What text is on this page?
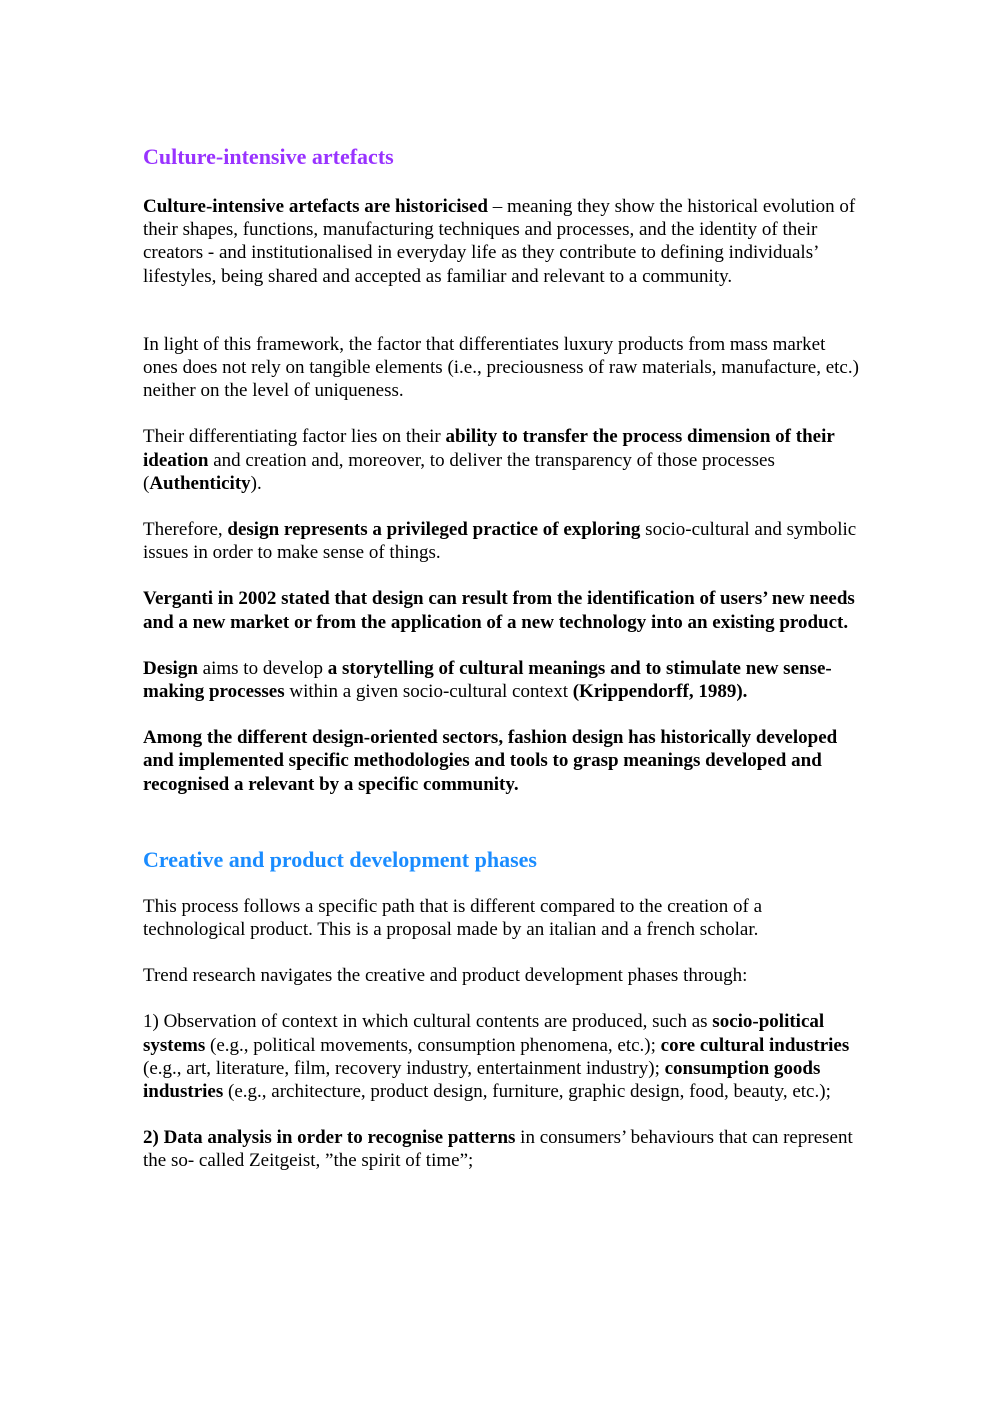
Culture-intensive artefacts

Culture-intensive artefacts are historicised – meaning they show the historical evolution of their shapes, functions, manufacturing techniques and processes, and the identity of their creators - and institutionalised in everyday life as they contribute to defining individuals’ lifestyles, being shared and accepted as familiar and relevant to a community.

In light of this framework, the factor that differentiates luxury products from mass market ones does not rely on tangible elements (i.e., preciousness of raw materials, manufacture, etc.) neither on the level of uniqueness.

Their differentiating factor lies on their ability to transfer the process dimension of their ideation and creation and, moreover, to deliver the transparency of those processes (Authenticity).

Therefore, design represents a privileged practice of exploring socio-cultural and symbolic issues in order to make sense of things.

Verganti in 2002 stated that design can result from the identification of users’ new needs and a new market or from the application of a new technology into an existing product.

Design aims to develop a storytelling of cultural meanings and to stimulate new sense-making processes within a given socio-cultural context (Krippendorff, 1989).

Among the different design-oriented sectors, fashion design has historically developed and implemented specific methodologies and tools to grasp meanings developed and recognised a relevant by a specific community.

Creative and product development phases

This process follows a specific path that is different compared to the creation of a technological product. This is a proposal made by an italian and a french scholar.

Trend research navigates the creative and product development phases through:

1) Observation of context in which cultural contents are produced, such as socio-political systems (e.g., political movements, consumption phenomena, etc.); core cultural industries (e.g., art, literature, film, recovery industry, entertainment industry); consumption goods industries (e.g., architecture, product design, furniture, graphic design, food, beauty, etc.);

2) Data analysis in order to recognise patterns in consumers’ behaviours that can represent the so- called Zeitgeist, ”the spirit of time”;
